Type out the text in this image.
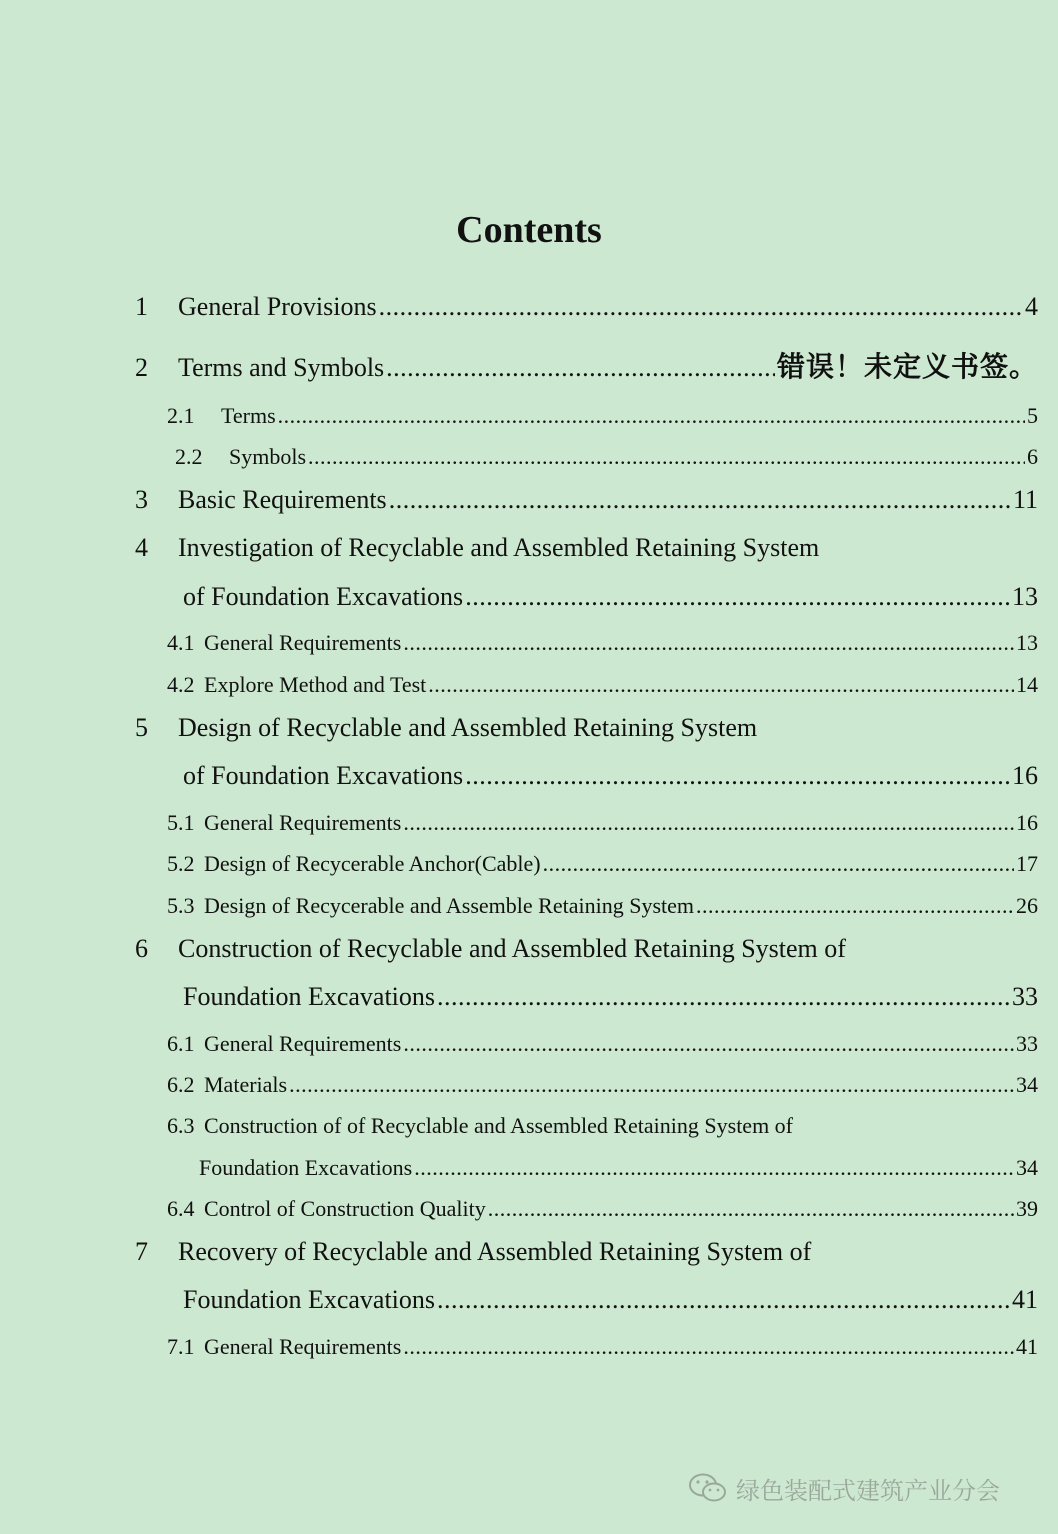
Contents
1	General Provisions .....	4
2	Terms and Symbols .....	错误！未定义书签。
2.1	Terms .....	5
2.2	Symbols .....	6
3	Basic Requirements .....	11
4	Investigation of Recyclable and Assembled Retaining System
of Foundation Excavations .....	13
4.1 General Requirements .....	13
4.2 Explore Method and Test .....	14
5	Design of Recyclable and Assembled Retaining System
of Foundation Excavations .....	16
5.1 General Requirements .....	16
5.2 Design of Recycerable Anchor(Cable) .....	17
5.3 Design of Recycerable and Assemble Retaining System .....	26
6	Construction of Recyclable and Assembled Retaining System of
Foundation Excavations .....	33
6.1 General Requirements .....	33
6.2 Materials .....	34
6.3 Construction of of Recyclable and Assembled Retaining System of
Foundation Excavations .....	34
6.4 Control of Construction Quality .....	39
7	Recovery of Recyclable and Assembled Retaining System of
Foundation Excavations .....	41
7.1 General Requirements .....	41
绿色装配式建筑产业分会
